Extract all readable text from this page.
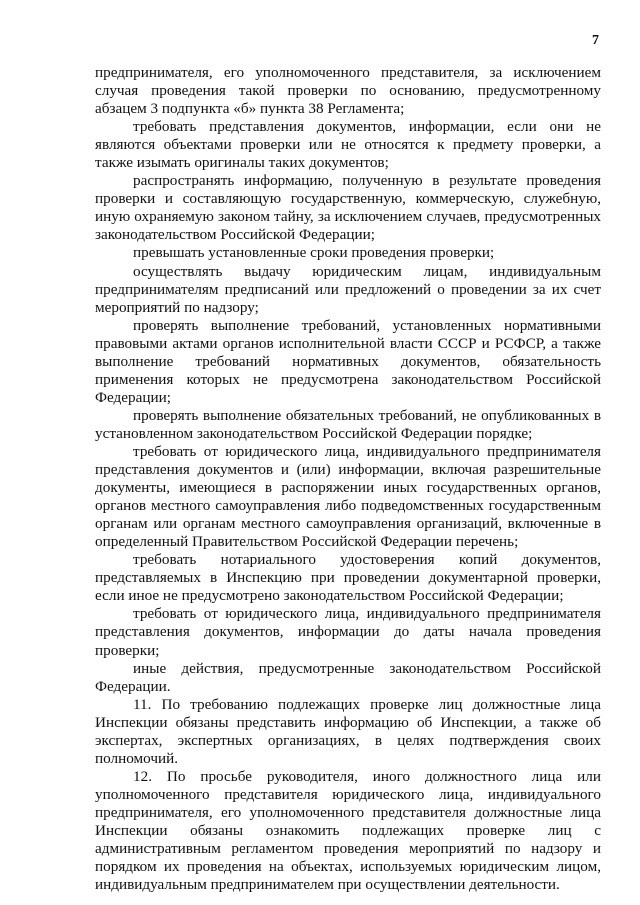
7

предпринимателя, его уполномоченного представителя, за исключением случая проведения такой проверки по основанию, предусмотренному абзацем 3 подпункта «б» пункта 38 Регламента;

требовать представления документов, информации, если они не являются объектами проверки или не относятся к предмету проверки, а также изымать оригиналы таких документов;

распространять информацию, полученную в результате проведения проверки и составляющую государственную, коммерческую, служебную, иную охраняемую законом тайну, за исключением случаев, предусмотренных законодательством Российской Федерации;

превышать установленные сроки проведения проверки;

осуществлять выдачу юридическим лицам, индивидуальным предпринимателям предписаний или предложений о проведении за их счет мероприятий по надзору;

проверять выполнение требований, установленных нормативными правовыми актами органов исполнительной власти СССР и РСФСР, а также выполнение требований нормативных документов, обязательность применения которых не предусмотрена законодательством Российской Федерации;

проверять выполнение обязательных требований, не опубликованных в установленном законодательством Российской Федерации порядке;

требовать от юридического лица, индивидуального предпринимателя представления документов и (или) информации, включая разрешительные документы, имеющиеся в распоряжении иных государственных органов, органов местного самоуправления либо подведомственных государственным органам или органам местного самоуправления организаций, включенные в определенный Правительством Российской Федерации перечень;

требовать нотариального удостоверения копий документов, представляемых в Инспекцию при проведении документарной проверки, если иное не предусмотрено законодательством Российской Федерации;

требовать от юридического лица, индивидуального предпринимателя представления документов, информации до даты начала проведения проверки;

иные действия, предусмотренные законодательством Российской Федерации.

11. По требованию подлежащих проверке лиц должностные лица Инспекции обязаны представить информацию об Инспекции, а также об экспертах, экспертных организациях, в целях подтверждения своих полномочий.

12. По просьбе руководителя, иного должностного лица или уполномоченного представителя юридического лица, индивидуального предпринимателя, его уполномоченного представителя должностные лица Инспекции обязаны ознакомить подлежащих проверке лиц с административным регламентом проведения мероприятий по надзору и порядком их проведения на объектах, используемых юридическим лицом, индивидуальным предпринимателем при осуществлении деятельности.
